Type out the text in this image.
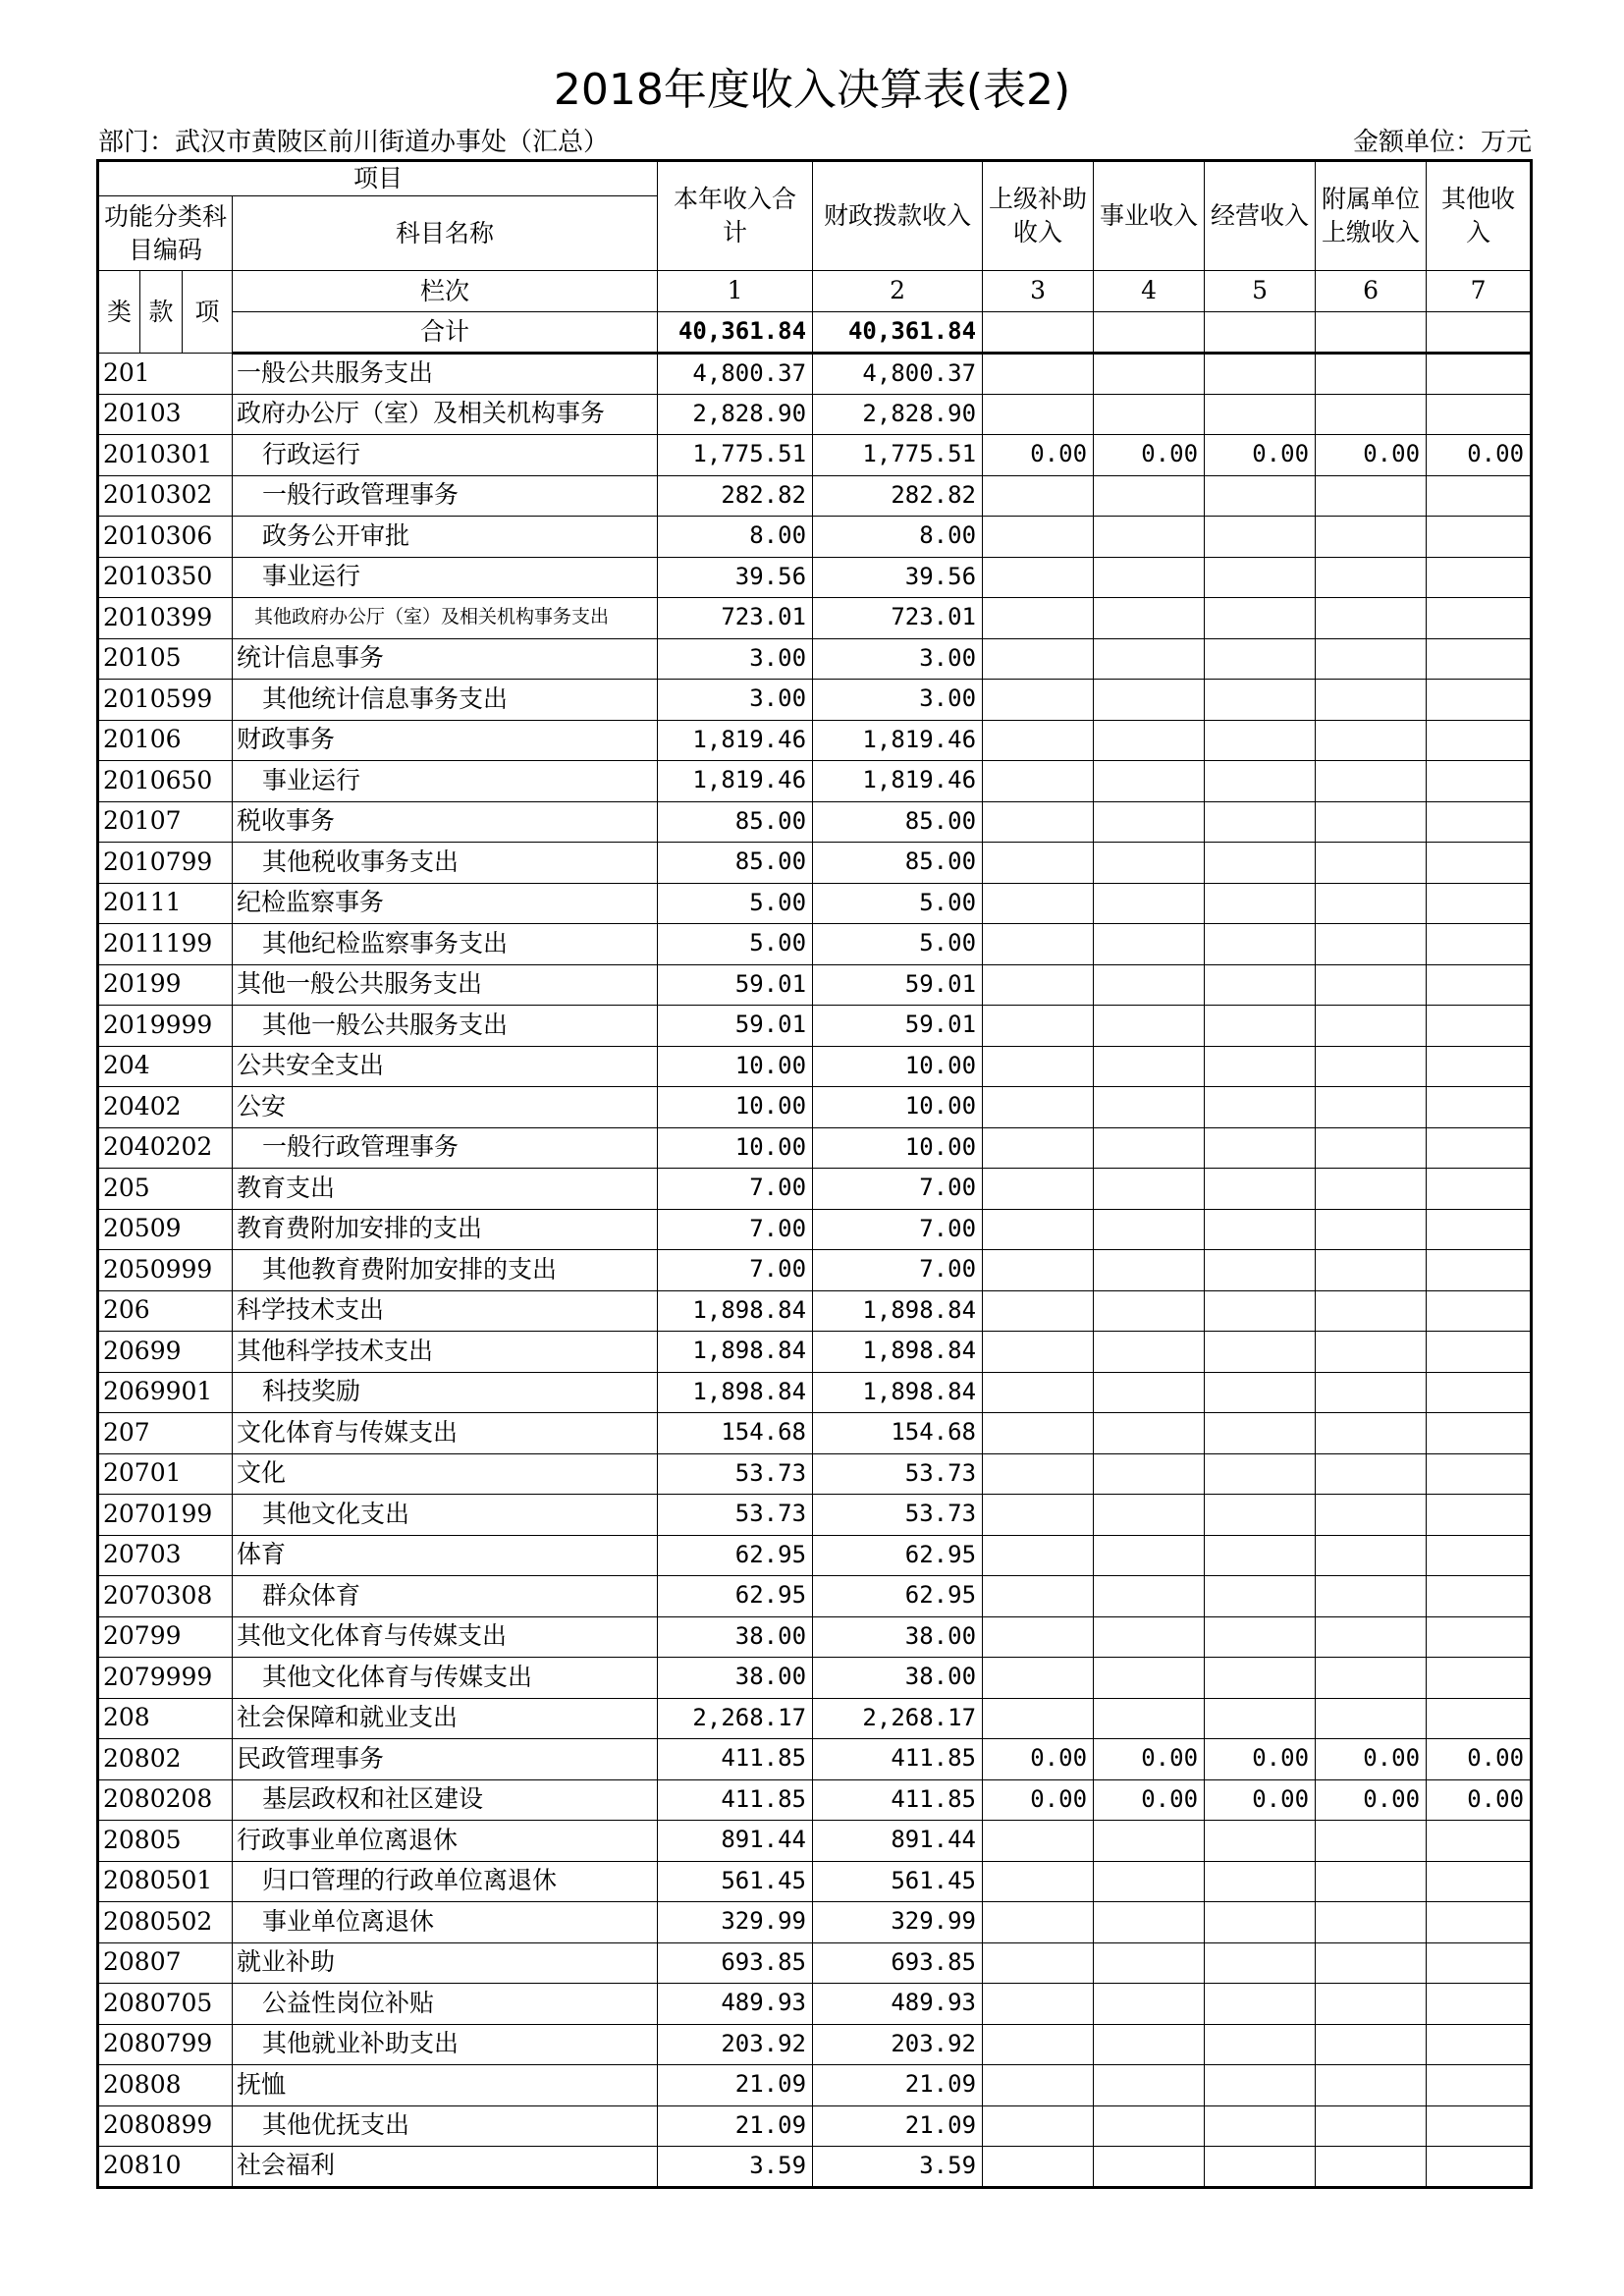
2018年度收入决算表(表2)
部门：武汉市黄陂区前川街道办事处（汇总）	金额单位：万元
项目				本年收入合计	财政拨款收入	上级补助收入	事业收入	经营收入	附属单位上缴收入	其他收入
功能分类科目编码			科目名称							
类	款	项	栏次	1	2	3	4	5	6	7
			合计	40,361.84	40,361.84					
201			一般公共服务支出	4,800.37	4,800.37					
20103			政府办公厅（室）及相关机构事务	2,828.90	2,828.90					
2010301			行政运行	1,775.51	1,775.51	0.00	0.00	0.00	0.00	0.00
2010302			一般行政管理事务	282.82	282.82					
2010306			政务公开审批	8.00	8.00					
2010350			事业运行	39.56	39.56					
2010399			其他政府办公厅（室）及相关机构事务支出	723.01	723.01					
20105			统计信息事务	3.00	3.00					
2010599			其他统计信息事务支出	3.00	3.00					
20106			财政事务	1,819.46	1,819.46					
2010650			事业运行	1,819.46	1,819.46					
20107			税收事务	85.00	85.00					
2010799			其他税收事务支出	85.00	85.00					
20111			纪检监察事务	5.00	5.00					
2011199			其他纪检监察事务支出	5.00	5.00					
20199			其他一般公共服务支出	59.01	59.01					
2019999			其他一般公共服务支出	59.01	59.01					
204			公共安全支出	10.00	10.00					
20402			公安	10.00	10.00					
2040202			一般行政管理事务	10.00	10.00					
205			教育支出	7.00	7.00					
20509			教育费附加安排的支出	7.00	7.00					
2050999			其他教育费附加安排的支出	7.00	7.00					
206			科学技术支出	1,898.84	1,898.84					
20699			其他科学技术支出	1,898.84	1,898.84					
2069901			科技奖励	1,898.84	1,898.84					
207			文化体育与传媒支出	154.68	154.68					
20701			文化	53.73	53.73					
2070199			其他文化支出	53.73	53.73					
20703			体育	62.95	62.95					
2070308			群众体育	62.95	62.95					
20799			其他文化体育与传媒支出	38.00	38.00					
2079999			其他文化体育与传媒支出	38.00	38.00					
208			社会保障和就业支出	2,268.17	2,268.17					
20802			民政管理事务	411.85	411.85	0.00	0.00	0.00	0.00	0.00
2080208			基层政权和社区建设	411.85	411.85	0.00	0.00	0.00	0.00	0.00
20805			行政事业单位离退休	891.44	891.44					
2080501			归口管理的行政单位离退休	561.45	561.45					
2080502			事业单位离退休	329.99	329.99					
20807			就业补助	693.85	693.85					
2080705			公益性岗位补贴	489.93	489.93					
2080799			其他就业补助支出	203.92	203.92					
20808			抚恤	21.09	21.09					
2080899			其他优抚支出	21.09	21.09					
20810			社会福利	3.59	3.59					
